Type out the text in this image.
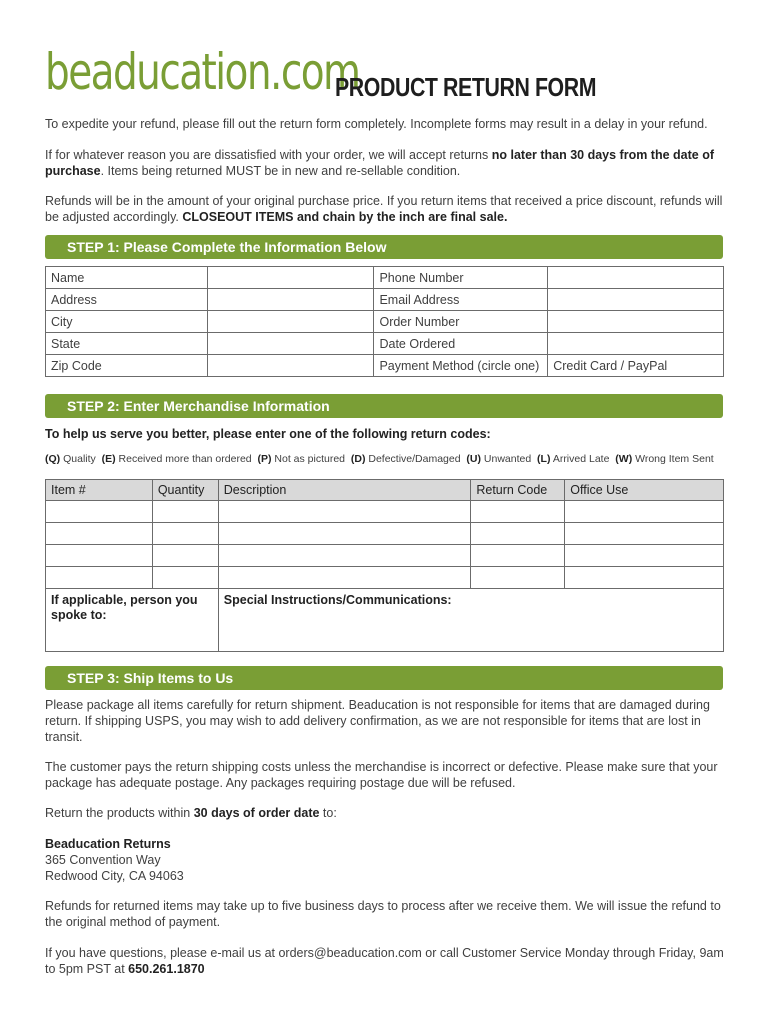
beaducation.com
PRODUCT RETURN FORM

To expedite your refund, please fill out the return form completely. Incomplete forms may result in a delay in your refund.

If for whatever reason you are dissatisfied with your order, we will accept returns no later than 30 days from the date of purchase. Items being returned MUST be in new and re-sellable condition.

Refunds will be in the amount of your original purchase price. If you return items that received a price discount, refunds will be adjusted accordingly. CLOSEOUT ITEMS and chain by the inch are final sale.

STEP 1: Please Complete the Information Below
Name		Phone Number	
Address		Email Address	
City		Order Number	
State		Date Ordered	
Zip Code		Payment Method (circle one)	Credit Card / PayPal
STEP 2: Enter Merchandise Information

To help us serve you better, please enter one of the following return codes:

(Q) Quality (E) Received more than ordered (P) Not as pictured (D) Defective/Damaged (U) Unwanted (L) Arrived Late (W) Wrong Item Sent
Item #	Quantity	Description	Return Code	Office Use

If applicable, person you spoke to:		Special Instructions/Communications:		
STEP 3: Ship Items to Us

Please package all items carefully for return shipment. Beaducation is not responsible for items that are damaged during return. If shipping USPS, you may wish to add delivery confirmation, as we are not responsible for items that are lost in transit.

The customer pays the return shipping costs unless the merchandise is incorrect or defective. Please make sure that your package has adequate postage. Any packages requiring postage due will be refused.

Return the products within 30 days of order date to:

Refunds for returned items may take up to five business days to process after we receive them. We will issue the refund to the original method of payment.

If you have questions, please e-mail us at orders@beaducation.com or call Customer Service Monday through Friday, 9am to 5pm PST at 650.261.1870

Beaducation Returns
365 Convention Way
Redwood City, CA 94063
